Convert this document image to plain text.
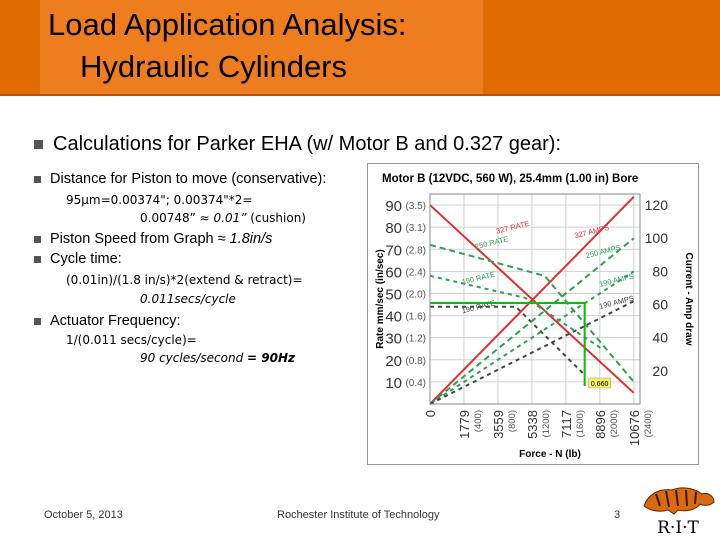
Load Application Analysis:
Hydraulic Cylinders
Calculations for Parker EHA (w/ Motor B and 0.327 gear):
Distance for Piston to move (conservative):
95μm=0.00374"; 0.00374"*2=
0.00748” ≈ 0.01” (cushion)
Piston Speed from Graph ≈ 1.8in/s
Cycle time:
(0.01in)/(1.8 in/s)*2(extend & retract)=
0.011secs/cycle
Actuator Frequency:
1/(0.011 secs/cycle)=
90 cycles/second = 90Hz
Motor B (12VDC, 560 W), 25.4mm (1.00 in) Bore
327 RATE
250 RATE
190 RATE
190 RATE
327 AMPS
250 AMPS
190 AMPS
190 AMPS
0.660
10 (0.4)
20 (0.8)
30 (1.2)
40 (1.6)
50 (2.0)
60 (2.4)
70 (2.8)
80 (3.1)
90 (3.5)
20
40
60
80
100
120
0 1779 (400) 3559 (800) 5338 (1200) 7117 (1600) 8896 (2000) 10676 (2400)
Force - N (lb)
Rate mm/sec (in/sec)	Current - Amp draw
October 5, 2013	Rochester Institute of Technology	3
R·I·T
